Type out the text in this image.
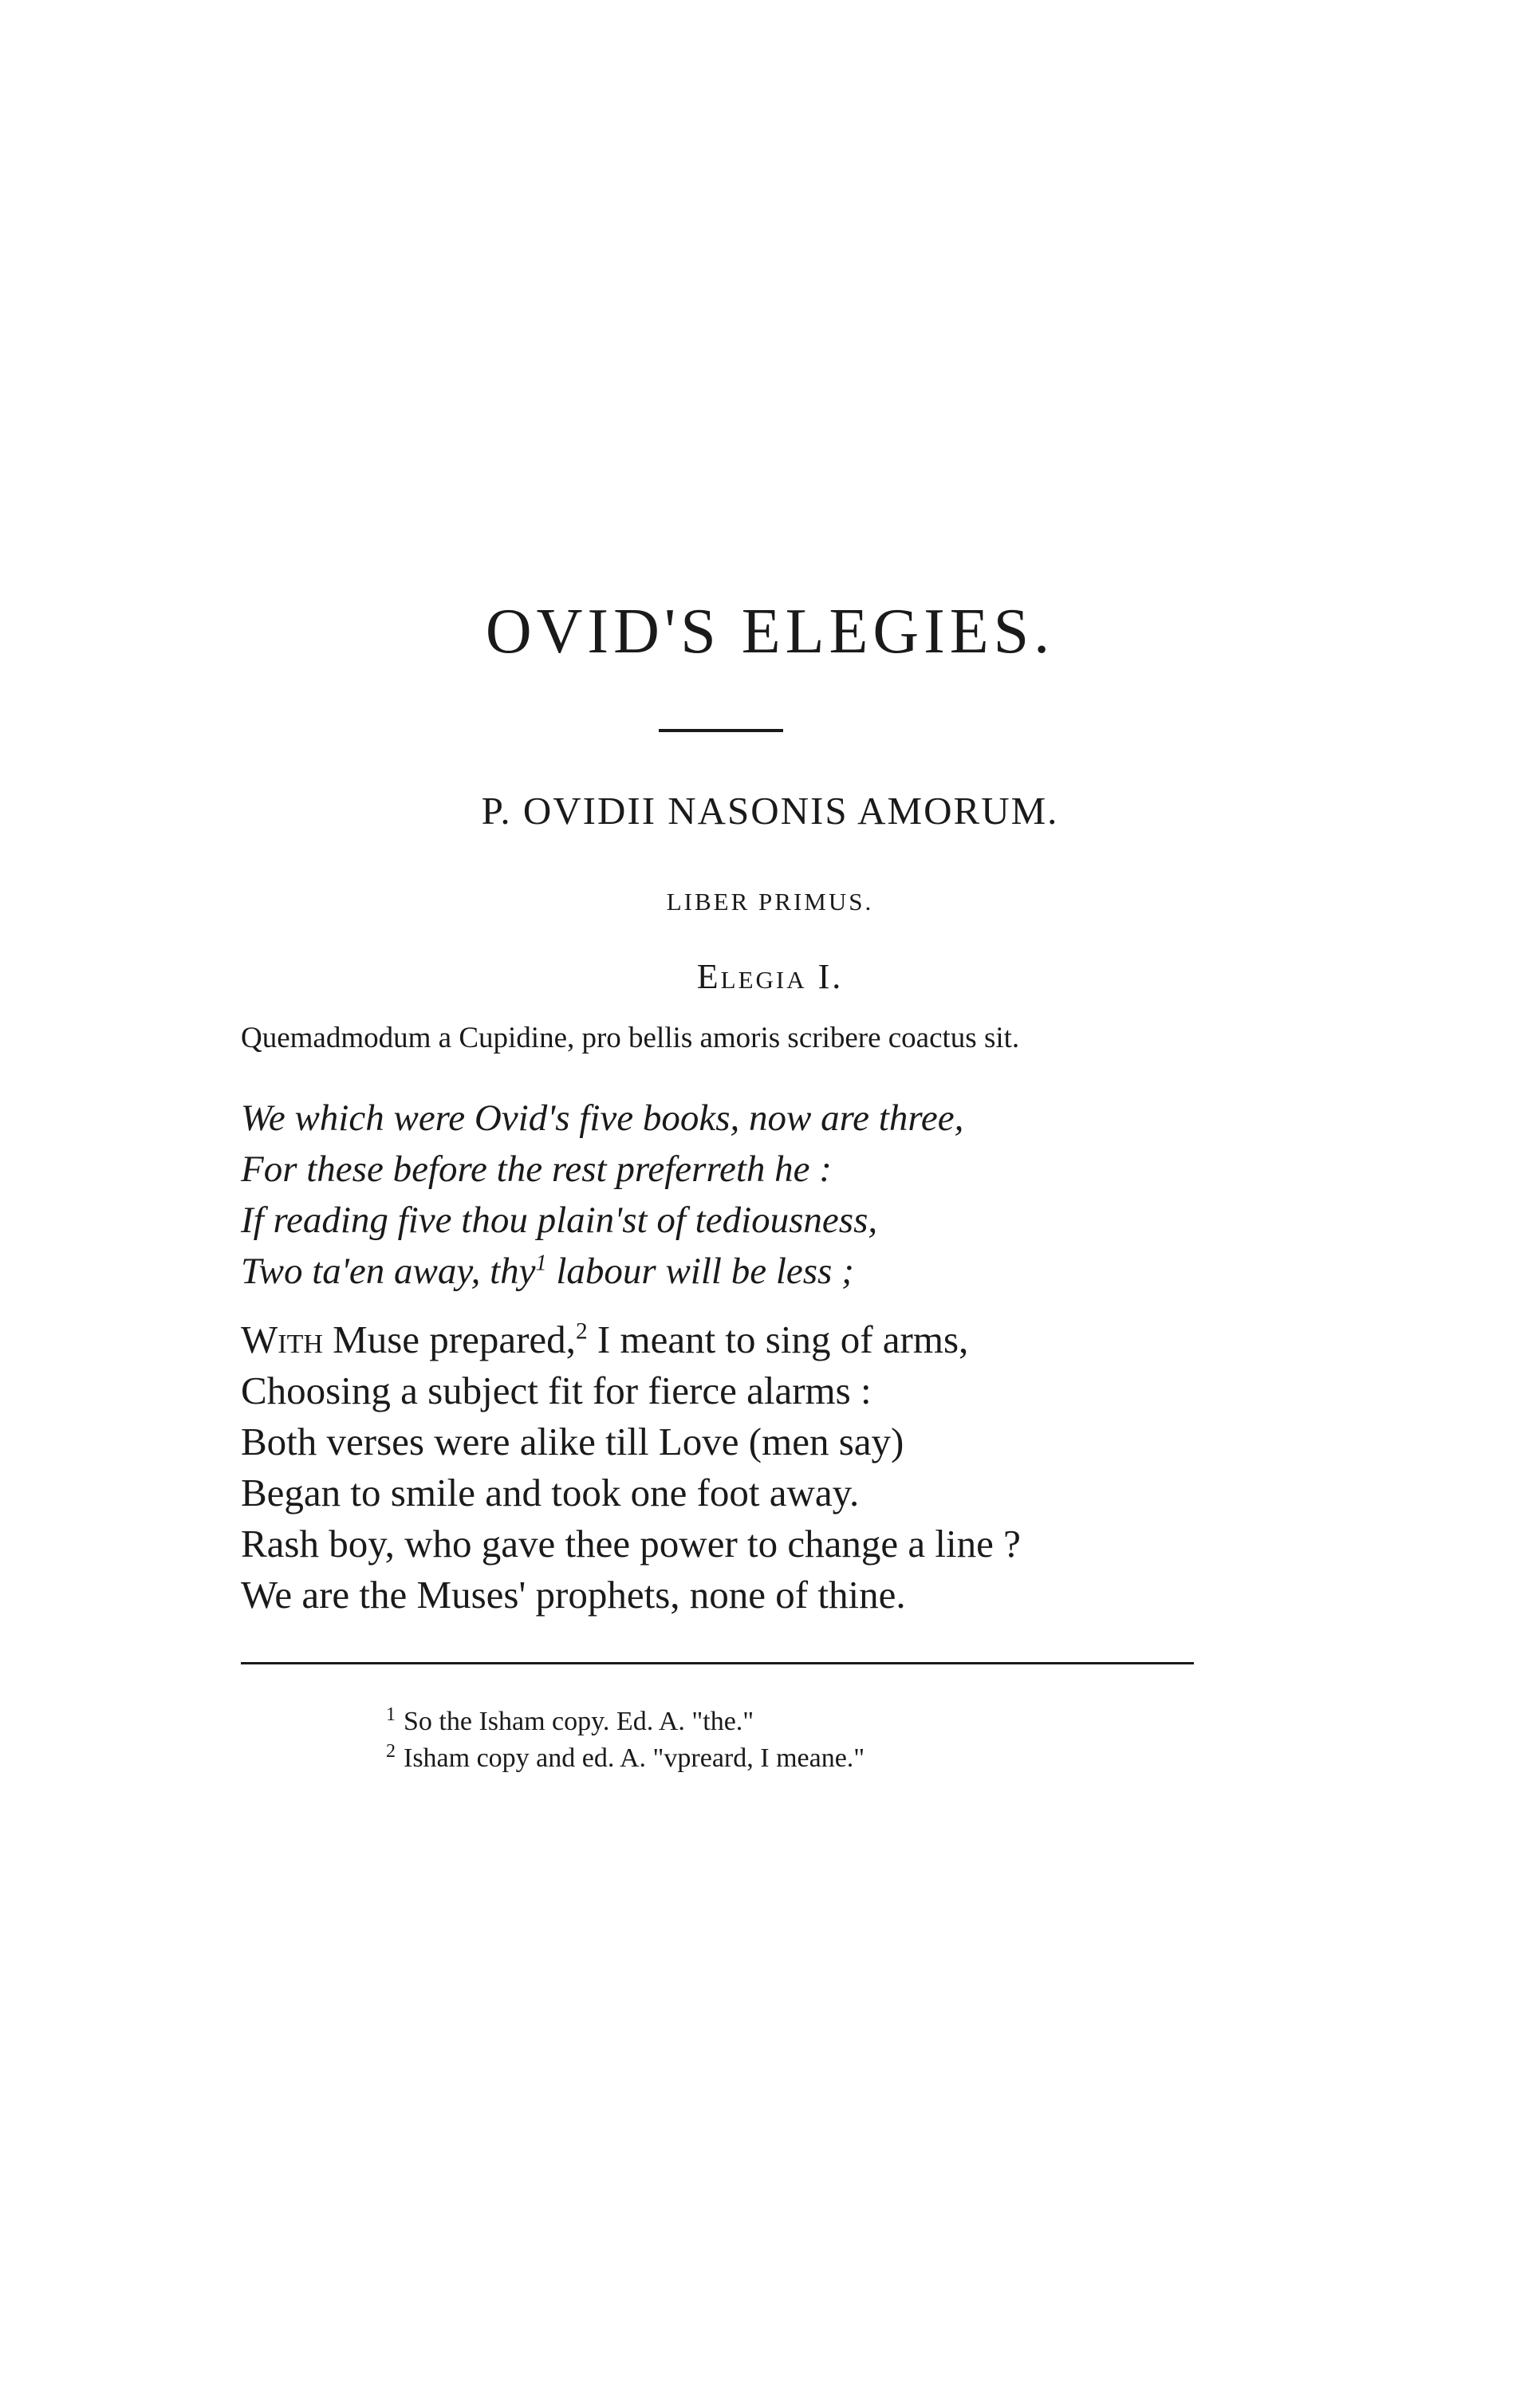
OVID'S ELEGIES.
P. OVIDII NASONIS AMORUM.
LIBER PRIMUS.
Elegia I.
Quemadmodum a Cupidine, pro bellis amoris scribere coactus sit.
We which were Ovid's five books, now are three,
For these before the rest preferreth he :
If reading five thou plain'st of tediousness,
Two ta'en away, thy$^1$ labour will be less ;
With Muse prepared,$^2$ I meant to sing of arms,
Choosing a subject fit for fierce alarms :
Both verses were alike till Love (men say)
Began to smile and took one foot away.
Rash boy, who gave thee power to change a line ?
We are the Muses' prophets, none of thine.
$^1$ So the Isham copy. Ed. A. "the."
$^2$ Isham copy and ed. A. "vpreard, I meane."
